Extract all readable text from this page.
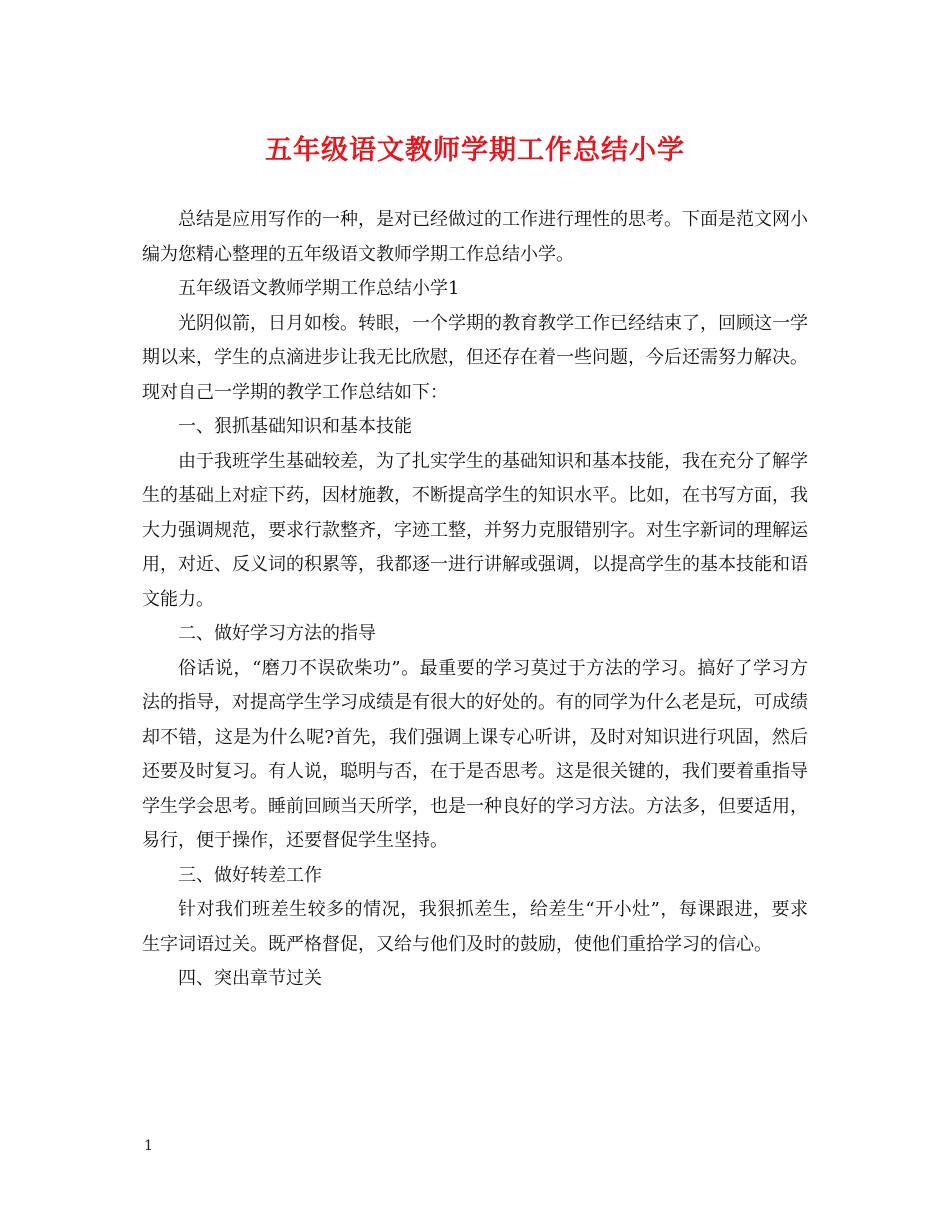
五年级语文教师学期工作总结小学

总结是应用写作的一种，是对已经做过的工作进行理性的思考。下面是范文网小编为您精心整理的五年级语文教师学期工作总结小学。

五年级语文教师学期工作总结小学1

光阴似箭，日月如梭。转眼，一个学期的教育教学工作已经结束了，回顾这一学期以来，学生的点滴进步让我无比欣慰，但还存在着一些问题，今后还需努力解决。现对自己一学期的教学工作总结如下：

一、狠抓基础知识和基本技能

由于我班学生基础较差，为了扎实学生的基础知识和基本技能，我在充分了解学生的基础上对症下药，因材施教，不断提高学生的知识水平。比如，在书写方面，我大力强调规范，要求行款整齐，字迹工整，并努力克服错别字。对生字新词的理解运用，对近、反义词的积累等，我都逐一进行讲解或强调，以提高学生的基本技能和语文能力。

二、做好学习方法的指导

俗话说，“磨刀不误砍柴功”。最重要的学习莫过于方法的学习。搞好了学习方法的指导，对提高学生学习成绩是有很大的好处的。有的同学为什么老是玩，可成绩却不错，这是为什么呢?首先，我们强调上课专心听讲，及时对知识进行巩固，然后还要及时复习。有人说，聪明与否，在于是否思考。这是很关键的，我们要着重指导学生学会思考。睡前回顾当天所学，也是一种良好的学习方法。方法多，但要适用，易行，便于操作，还要督促学生坚持。

三、做好转差工作

针对我们班差生较多的情况，我狠抓差生，给差生“开小灶”，每课跟进，要求生字词语过关。既严格督促，又给与他们及时的鼓励，使他们重拾学习的信心。

四、突出章节过关

1
